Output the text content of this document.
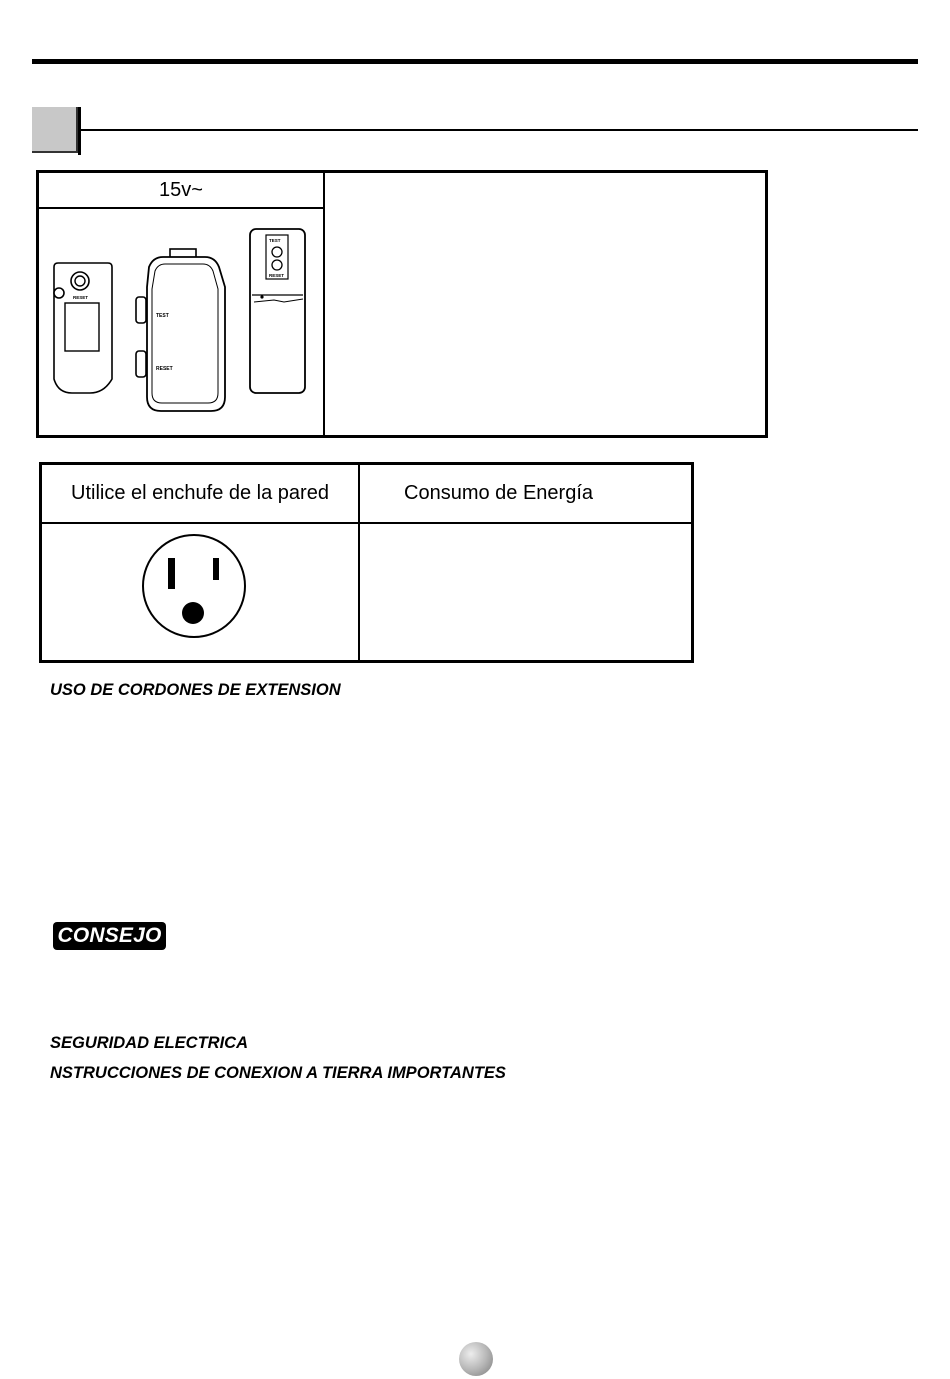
15v~
RESET
TEST
RESET
TEST
RESET
Utilice el enchufe de la pared	Consumo de Energía
USO DE CORDONES DE EXTENSION
CONSEJO
SEGURIDAD ELECTRICA
NSTRUCCIONES DE CONEXION A TIERRA IMPORTANTES
